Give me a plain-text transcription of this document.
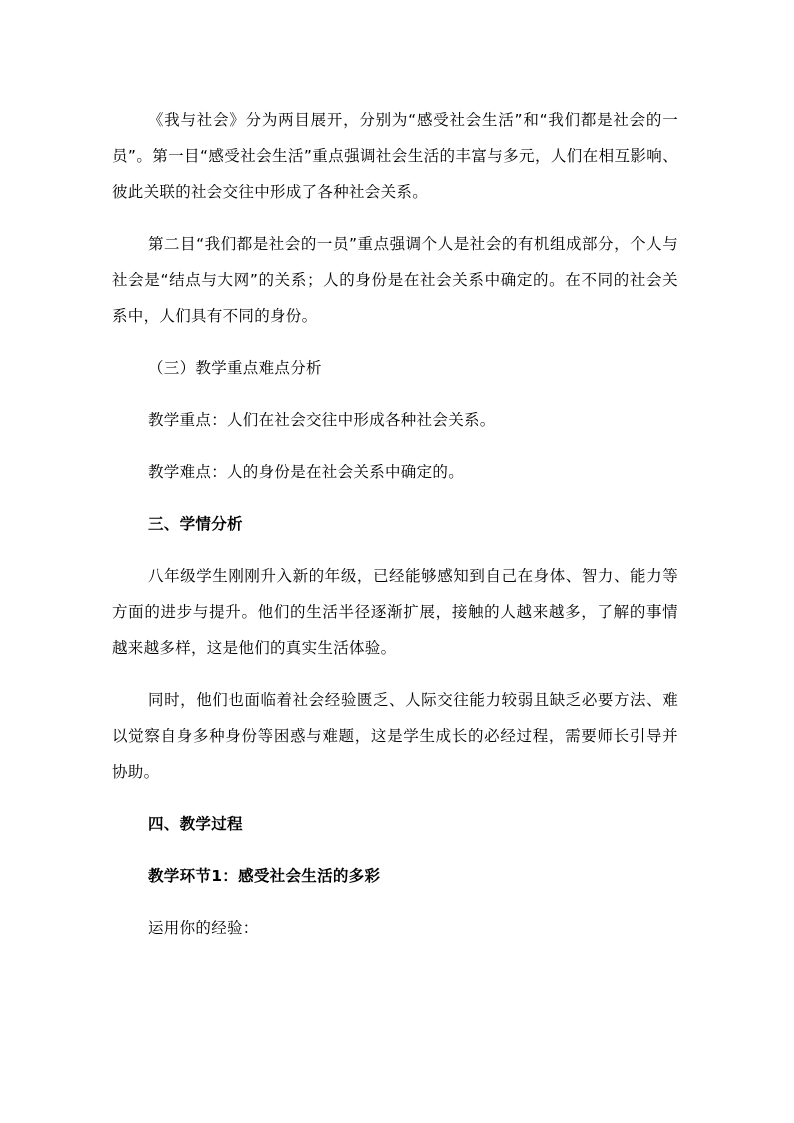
《我与社会》分为两目展开，分别为“感受社会生活”和“我们都是社会的一员”。第一目“感受社会生活”重点强调社会生活的丰富与多元，人们在相互影响、彼此关联的社会交往中形成了各种社会关系。

第二目“我们都是社会的一员”重点强调个人是社会的有机组成部分，个人与社会是“结点与大网”的关系；人的身份是在社会关系中确定的。在不同的社会关系中，人们具有不同的身份。

（三）教学重点难点分析

教学重点：人们在社会交往中形成各种社会关系。

教学难点：人的身份是在社会关系中确定的。

三、学情分析

八年级学生刚刚升入新的年级，已经能够感知到自己在身体、智力、能力等方面的进步与提升。他们的生活半径逐渐扩展，接触的人越来越多，了解的事情越来越多样，这是他们的真实生活体验。

同时，他们也面临着社会经验匮乏、人际交往能力较弱且缺乏必要方法、难以觉察自身多种身份等困惑与难题，这是学生成长的必经过程，需要师长引导并协助。

四、教学过程

教学环节1：感受社会生活的多彩

运用你的经验：
